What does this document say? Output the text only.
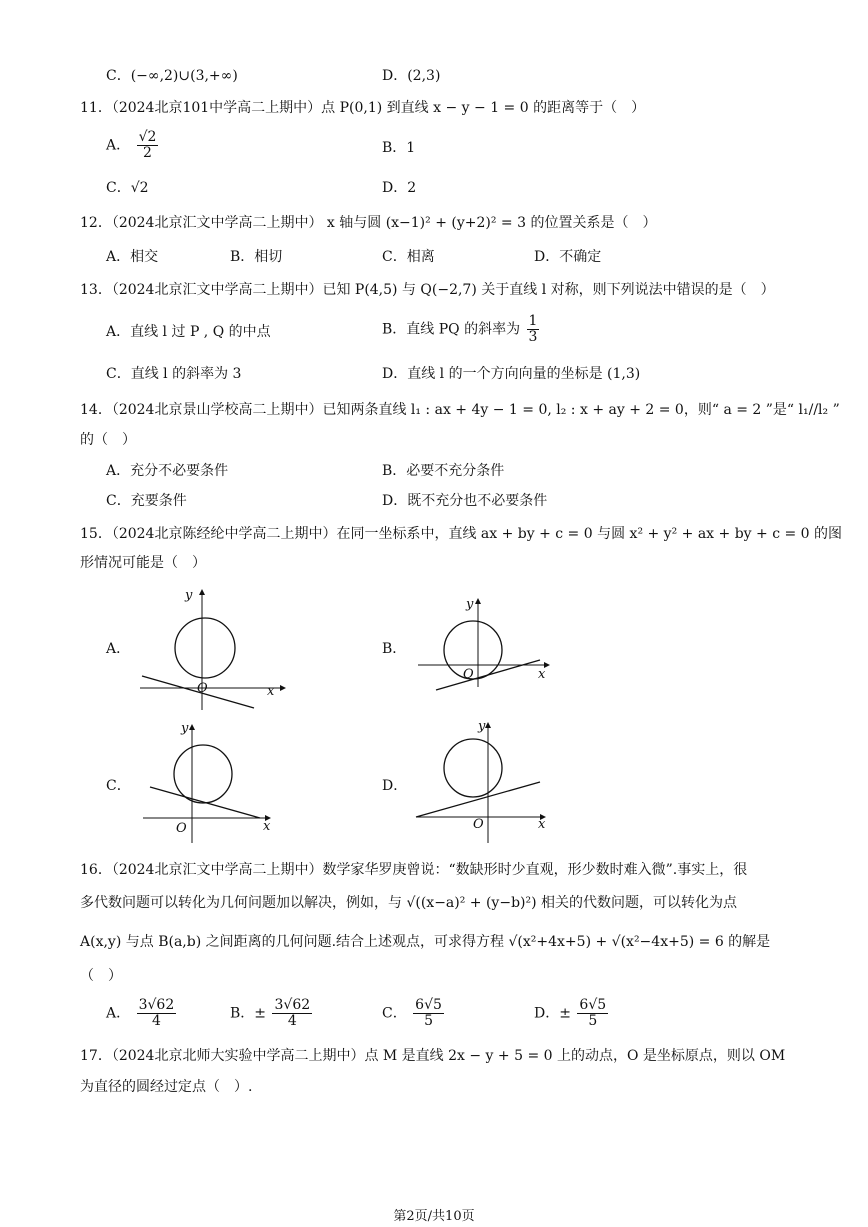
C．(−∞,2)∪(3,+∞)	D．(2,3)
11．（2024北京101中学高二上期中）点 P(0,1) 到直线 x − y − 1 = 0 的距离等于（　）
A． $\frac{√2}{2}$	B．1
C．√2	D．2
12．（2024北京汇文中学高二上期中） x 轴与圆 (x−1)² + (y+2)² = 3 的位置关系是（　）
A．相交	B．相切	C．相离	D．不确定
13．（2024北京汇文中学高二上期中）已知 P(4,5) 与 Q(−2,7) 关于直线 l 对称，则下列说法中错误的是（　）
A．直线 l 过 P , Q 的中点	B．直线 PQ 的斜率为 $\frac{1}{3}$
C．直线 l 的斜率为 3	D．直线 l 的一个方向向量的坐标是 (1,3)
14．（2024北京景山学校高二上期中）已知两条直线 l₁ : ax + 4y − 1 = 0, l₂ : x + ay + 2 = 0，则“ a = 2 ”是“ l₁//l₂ ”
的（　）
A．充分不必要条件	B．必要不充分条件
C．充要条件	D．既不充分也不必要条件
15．（2024北京陈经纶中学高二上期中）在同一坐标系中，直线 ax + by + c = 0 与圆 x² + y² + ax + by + c = 0 的图
形情况可能是（　）
A．
x
y
O
B．
x
y
O
C．
x
y
O
D．
x
y
O
16．（2024北京汇文中学高二上期中）数学家华罗庚曾说：“数缺形时少直观，形少数时难入微”.事实上，很
多代数问题可以转化为几何问题加以解决，例如，与 √((x−a)² + (y−b)²) 相关的代数问题，可以转化为点
A(x,y) 与点 B(a,b) 之间距离的几何问题.结合上述观点，可求得方程 √(x²+4x+5) + √(x²−4x+5) = 6 的解是
（　）
A． $\frac{3√62}{4}$	B．± $\frac{3√62}{4}$	C． $\frac{6√5}{5}$	D．± $\frac{6√5}{5}$
17．（2024北京北师大实验中学高二上期中）点 M 是直线 2x − y + 5 = 0 上的动点，O 是坐标原点，则以 OM
为直径的圆经过定点（　）.
第2页/共10页
